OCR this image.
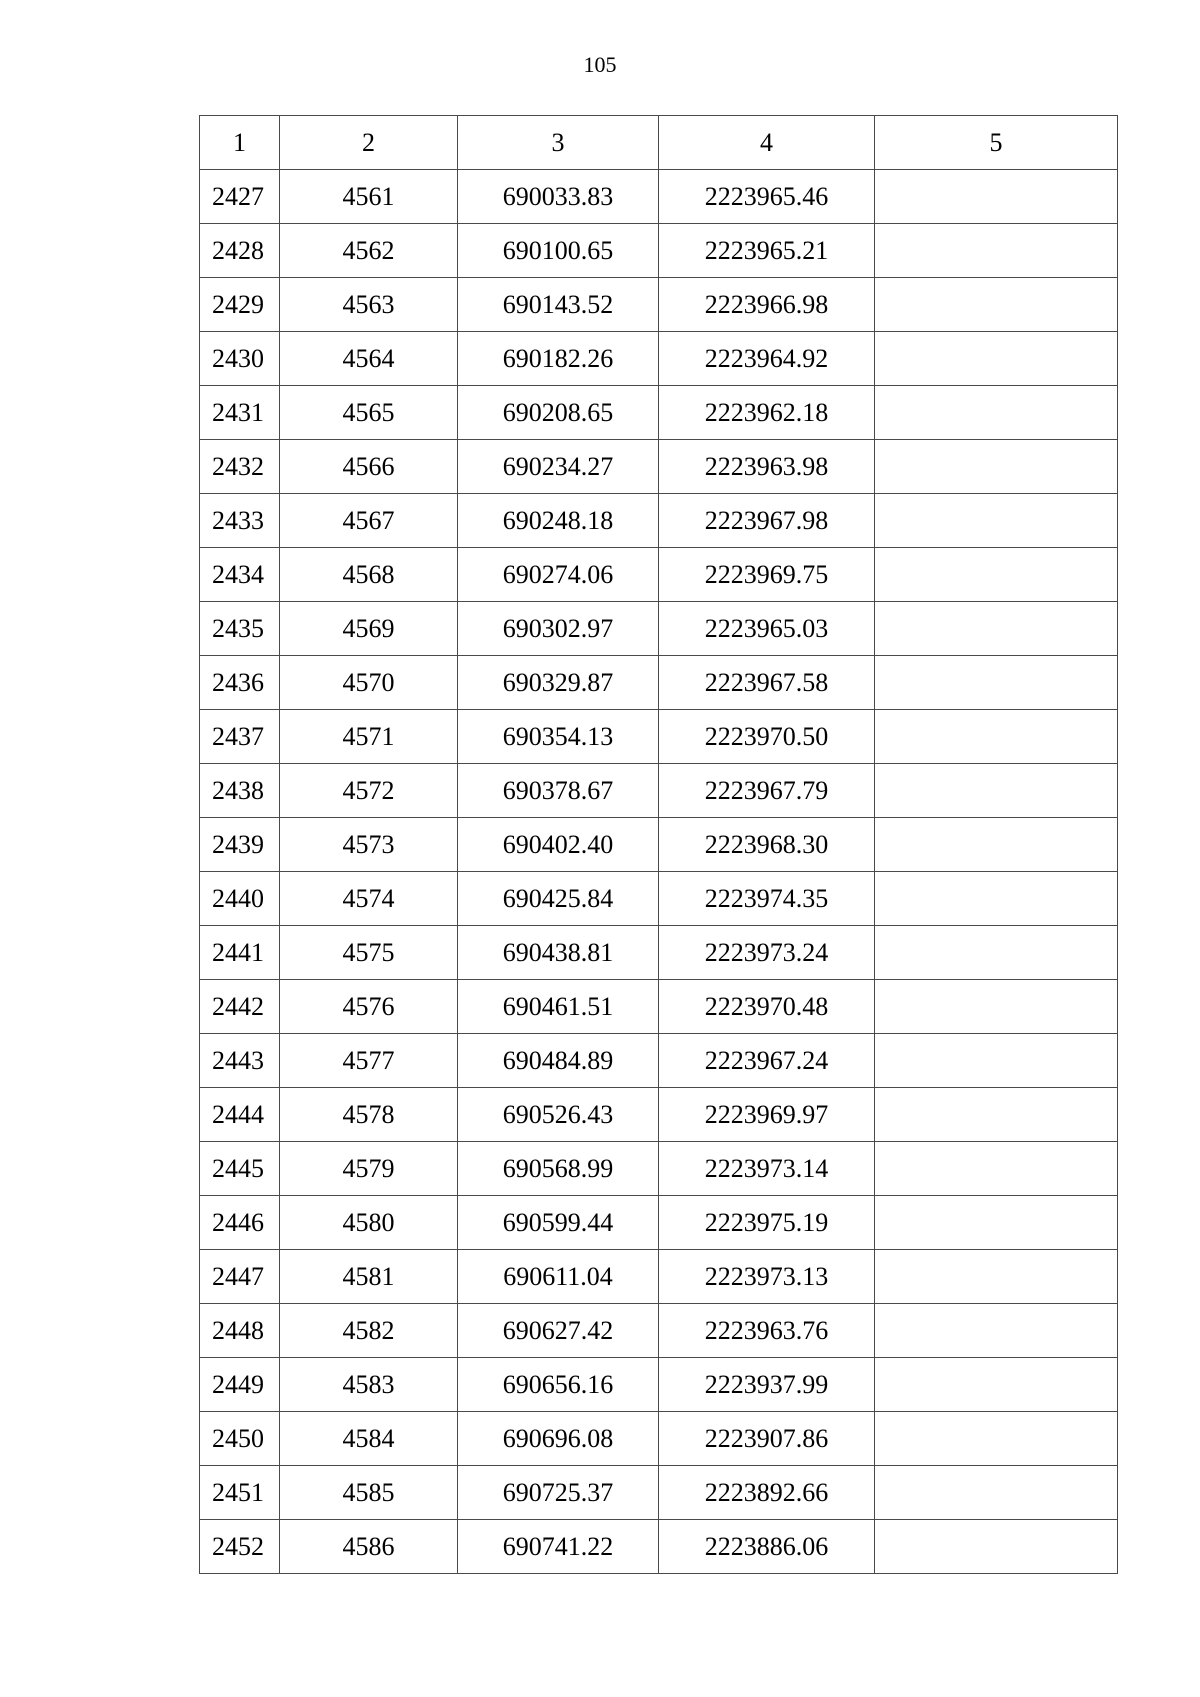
105
1	2	3	4	5
2427	4561	690033.83	2223965.46	
2428	4562	690100.65	2223965.21	
2429	4563	690143.52	2223966.98	
2430	4564	690182.26	2223964.92	
2431	4565	690208.65	2223962.18	
2432	4566	690234.27	2223963.98	
2433	4567	690248.18	2223967.98	
2434	4568	690274.06	2223969.75	
2435	4569	690302.97	2223965.03	
2436	4570	690329.87	2223967.58	
2437	4571	690354.13	2223970.50	
2438	4572	690378.67	2223967.79	
2439	4573	690402.40	2223968.30	
2440	4574	690425.84	2223974.35	
2441	4575	690438.81	2223973.24	
2442	4576	690461.51	2223970.48	
2443	4577	690484.89	2223967.24	
2444	4578	690526.43	2223969.97	
2445	4579	690568.99	2223973.14	
2446	4580	690599.44	2223975.19	
2447	4581	690611.04	2223973.13	
2448	4582	690627.42	2223963.76	
2449	4583	690656.16	2223937.99	
2450	4584	690696.08	2223907.86	
2451	4585	690725.37	2223892.66	
2452	4586	690741.22	2223886.06	
